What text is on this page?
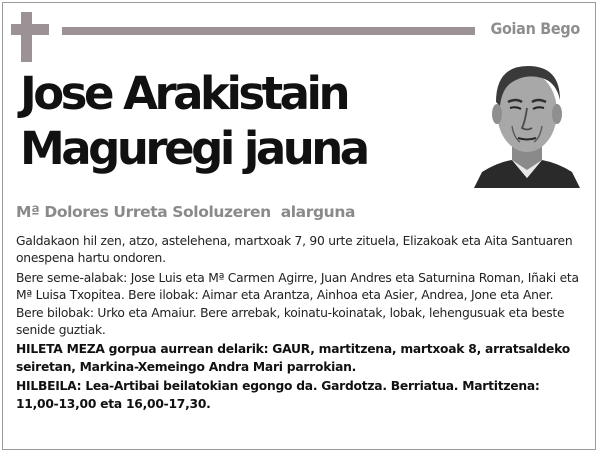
Goian Bego
Jose Arakistain
Maguregi jauna
Mª Dolores Urreta Sololuzeren  alarguna

Galdakaon hil zen, atzo, astelehena, martxoak 7, 90 urte zituela, Elizakoak eta Aita Santuaren onespena hartu ondoren.

Bere seme-alabak: Jose Luis eta Mª Carmen Agirre, Juan Andres eta Saturnina Roman, Iñaki eta Mª Luisa Txopitea. Bere ilobak: Aimar eta Arantza, Ainhoa eta Asier, Andrea, Jone eta Aner. Bere bilobak: Urko eta Amaiur. Bere arrebak, koinatu-koinatak, lobak, lehengusuak eta beste senide guztiak.

HILETA MEZA gorpua aurrean delarik: GAUR, martitzena, martxoak 8, arratsaldeko seiretan, Markina-Xemeingo Andra Mari parrokian.

HILBEILA: Lea-Artibai beilatokian egongo da. Gardotza. Berriatua. Martitzena: 11,00-13,00 eta 16,00-17,30.
